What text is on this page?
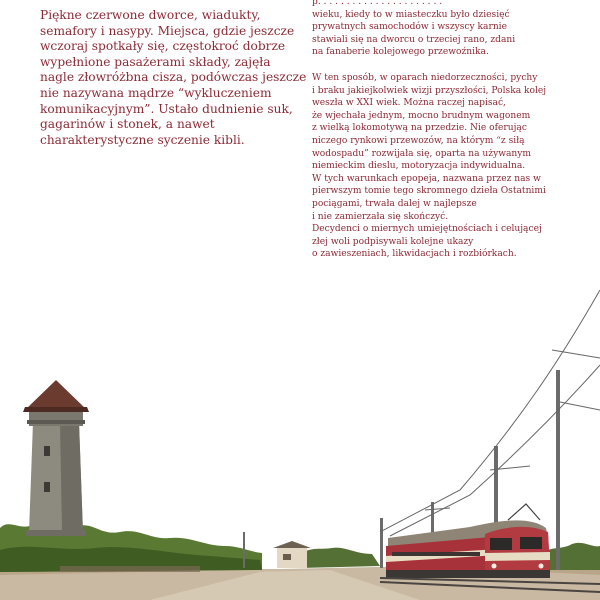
Piękne czerwone dworce, wiadukty,
semafory i nasypy. Miejsca, gdzie jeszcze
wczoraj spotkały się, częstokroć dobrze
wypełnione pasażerami składy, zajęła
nagle złowróżbna cisza, podówczas jeszcze
nie nazywana mądrze “wykluczeniem
komunikacyjnym”. Ustało dudnienie suk,
gagarinów i stonek, a nawet
charakterystyczne syczenie kibli.

p. . . . . . . . . . . . . . . . . . . . . .
wieku, kiedy to w miasteczku było dziesięć
prywatnych samochodów i wszyscy karnie
stawiali się na dworcu o trzeciej rano, zdani
na fanaberie kolejowego przewoźnika.

W ten sposób, w oparach niedorzeczności, pychy
i braku jakiejkolwiek wizji przyszłości, Polska kolej
weszła w XXI wiek. Można raczej napisać,
że wjechała jednym, mocno brudnym wagonem
z wielką lokomotywą na przedzie. Nie oferując
niczego rynkowi przewozów, na którym “z siłą
wodospadu” rozwijała się, oparta na używanym
niemieckim dieslu, motoryzacja indywidualna.
W tych warunkach epopeja, nazwana przez nas w
pierwszym tomie tego skromnego dzieła Ostatnimi
pociągami, trwała dalej w najlepsze
i nie zamierzała się skończyć.
Decydenci o miernych umiejętnościach i celującej
złej woli podpisywali kolejne ukazy
o zawieszeniach, likwidacjach i rozbiórkach.
